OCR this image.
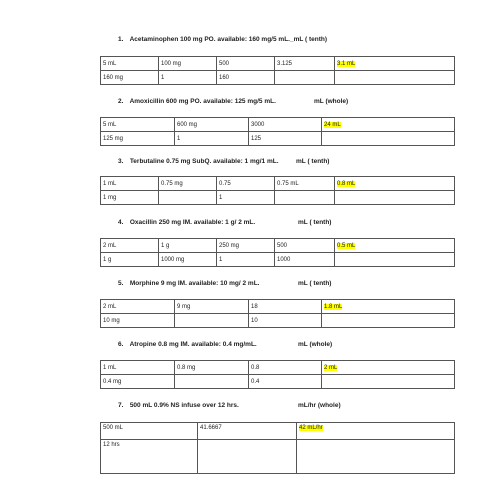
1. Acetaminophen 100 mg PO. available: 160 mg/5 mL._mL ( tenth)
5 mL	100 mg	500	3.125	3.1 mL
160 mg	1	160		
2. Amoxicillin 600 mg PO. available: 125 mg/5 mL.	mL (whole)
5 mL	600 mg	3000	24 mL
125 mg	1	125	
3. Terbutaline 0.75 mg SubQ. available: 1 mg/1 mL.	mL ( tenth)
1 mL	0.75 mg	0.75	0.75 mL	0.8 mL
1 mg		1		
4. Oxacillin 250 mg IM. available: 1 g/ 2 mL.	mL ( tenth)
2 mL	1 g	250 mg	500	0.5 mL
1 g	1000 mg	1	1000	
5. Morphine 9 mg IM. available: 10 mg/ 2 mL.	mL ( tenth)
2 mL	9 mg	18	1.8 mL
10 mg		10	
6. Atropine 0.8 mg IM. available: 0.4 mg/mL.	mL (whole)
1 mL	0.8 mg	0.8	2 mL
0.4 mg		0.4	
7. 500 mL 0.9% NS infuse over 12 hrs.	mL/hr (whole)
500 mL	41.6667	42 mL/hr
12 hrs		
